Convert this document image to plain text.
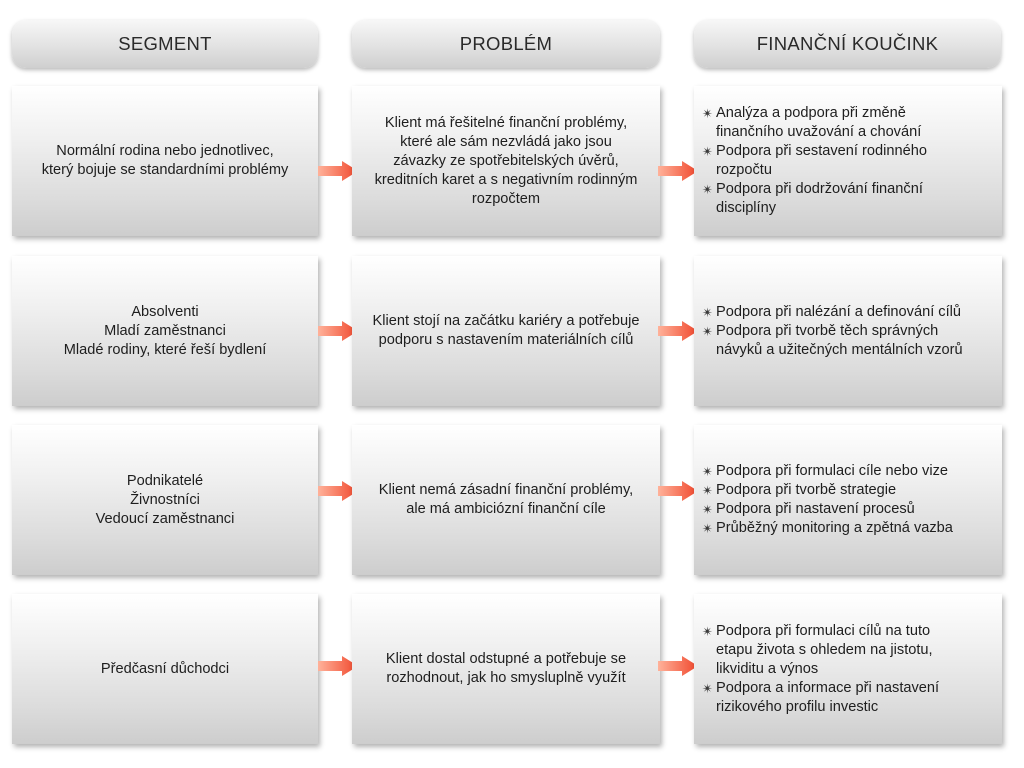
SEGMENT	PROBLÉM	FINANČNÍ KOUČINK
Normální rodina nebo jednotlivec,
který bojuje se standardními problémy
Klient má řešitelné finanční problémy,
které ale sám nezvládá jako jsou
závazky ze spotřebitelských úvěrů,
kreditních karet a s negativním rodinným
rozpočtem
✴ Analýza a podpora při změně
finančního uvažování a chování
✴ Podpora při sestavení rodinného
rozpočtu
✴ Podpora při dodržování finanční
disciplíny
Absolventi
Mladí zaměstnanci
Mladé rodiny, které řeší bydlení
Klient stojí na začátku kariéry a potřebuje
podporu s nastavením materiálních cílů
✴ Podpora při nalézání a definování cílů
✴ Podpora při tvorbě těch správných
návyků a užitečných mentálních vzorů
Podnikatelé
Živnostníci
Vedoucí zaměstnanci
Klient nemá zásadní finanční problémy,
ale má ambiciózní finanční cíle
✴ Podpora při formulaci cíle nebo vize
✴ Podpora při tvorbě strategie
✴ Podpora při nastavení procesů
✴ Průběžný monitoring a zpětná vazba
Předčasní důchodci
Klient dostal odstupné a potřebuje se
rozhodnout, jak ho smysluplně využít
✴ Podpora při formulaci cílů na tuto
etapu života s ohledem na jistotu,
likviditu a výnos
✴ Podpora a informace při nastavení
rizikového profilu investic
